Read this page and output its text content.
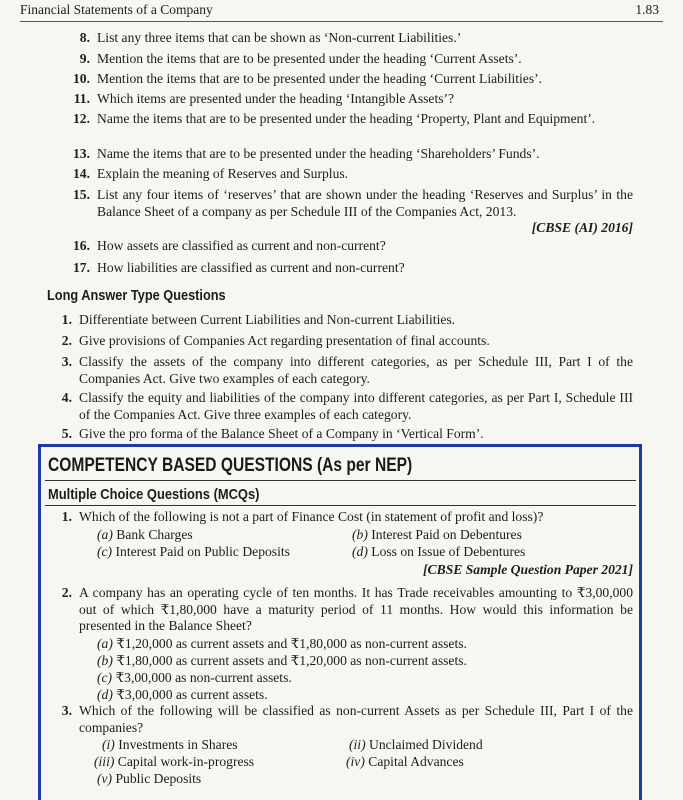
Financial Statements of a Company	1.83
8. List any three items that can be shown as ‘Non-current Liabilities.’
9. Mention the items that are to be presented under the heading ‘Current Assets’.
10. Mention the items that are to be presented under the heading ‘Current Liabilities’.
11. Which items are presented under the heading ‘Intangible Assets’?
12. Name the items that are to be presented under the heading ‘Property, Plant and Equipment’.
13. Name the items that are to be presented under the heading ‘Shareholders’ Funds’.
14. Explain the meaning of Reserves and Surplus.
15. List any four items of ‘reserves’ that are shown under the heading ‘Reserves and Surplus’ in the Balance Sheet of a company as per Schedule III of the Companies Act, 2013.
[CBSE (AI) 2016]
16. How assets are classified as current and non-current?
17. How liabilities are classified as current and non-current?
Long Answer Type Questions
1. Differentiate between Current Liabilities and Non-current Liabilities.
2. Give provisions of Companies Act regarding presentation of final accounts.
3. Classify the assets of the company into different categories, as per Schedule III, Part I of the Companies Act. Give two examples of each category.
4. Classify the equity and liabilities of the company into different categories, as per Part I, Schedule III of the Companies Act. Give three examples of each category.
5. Give the pro forma of the Balance Sheet of a Company in ‘Vertical Form’.
COMPETENCY BASED QUESTIONS (As per NEP)
Multiple Choice Questions (MCQs)
1. Which of the following is not a part of Finance Cost (in statement of profit and loss)?
(a) Bank Charges	(b) Interest Paid on Debentures
(c) Interest Paid on Public Deposits	(d) Loss on Issue of Debentures
[CBSE Sample Question Paper 2021]
2. A company has an operating cycle of ten months. It has Trade receivables amounting to ₹3,00,000 out of which ₹1,80,000 have a maturity period of 11 months. How would this information be presented in the Balance Sheet?
(a) ₹1,20,000 as current assets and ₹1,80,000 as non-current assets.
(b) ₹1,80,000 as current assets and ₹1,20,000 as non-current assets.
(c) ₹3,00,000 as non-current assets.
(d) ₹3,00,000 as current assets.
3. Which of the following will be classified as non-current Assets as per Schedule III, Part I of the companies?
(i) Investments in Shares	(ii) Unclaimed Dividend
(iii) Capital work-in-progress	(iv) Capital Advances
(v) Public Deposits
